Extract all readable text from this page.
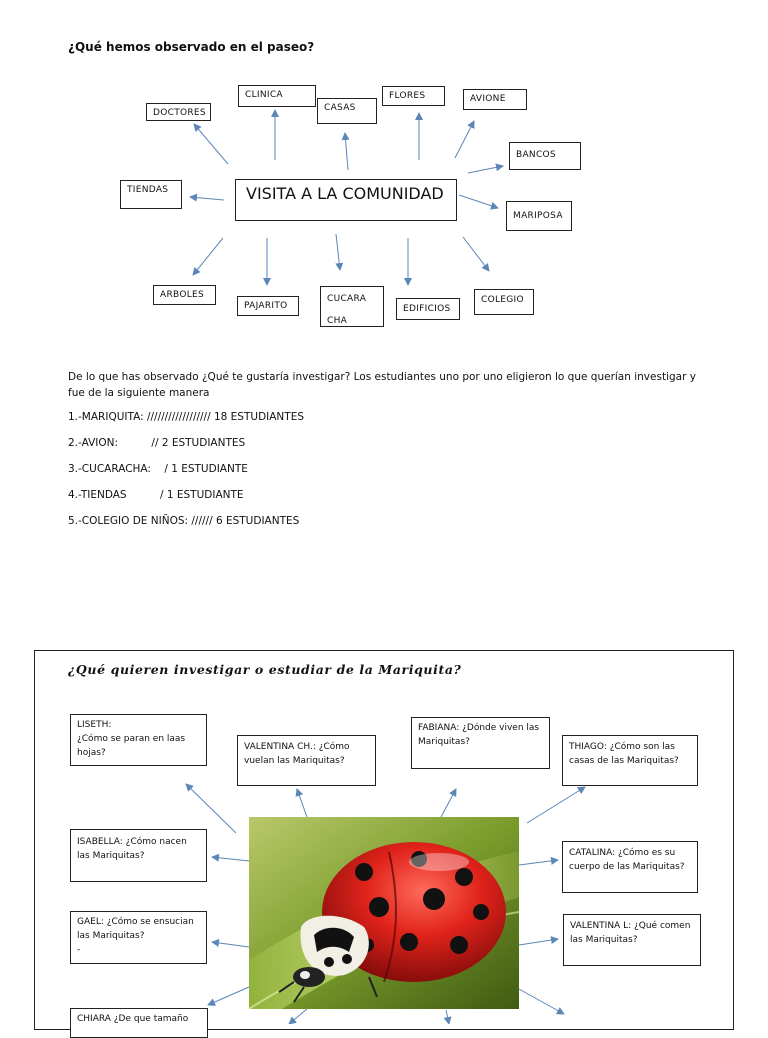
¿Qué hemos observado en el paseo?
DOCTORES
CLINICA
CASAS
FLORES	AVIONE
BANCOS
TIENDAS	VISITA A LA COMUNIDAD
MARIPOSA
ARBOLES
PAJARITO
CUCARA
CHA
EDIFICIOS
COLEGIO
De lo que has observado ¿Qué te gustaría investigar? Los estudiantes uno por uno eligieron lo que querían investigar y fue de la siguiente manera
1.-MARIQUITA: ////////////////// 18 ESTUDIANTES
2.-AVION:          // 2 ESTUDIANTES
3.-CUCARACHA:    / 1 ESTUDIANTE
4.-TIENDAS          / 1 ESTUDIANTE
5.-COLEGIO DE NIÑOS: ////// 6 ESTUDIANTES
¿Qué quieren investigar o estudiar de la Mariquita?
LISETH:
¿Cómo se paran en laas hojas?
VALENTINA CH.: ¿Cómo vuelan las Mariquitas?
FABIANA: ¿Dónde viven las Mariquitas?	THIAGO: ¿Cómo son las casas de las Mariquitas?
ISABELLA: ¿Cómo nacen las Mariquitas?	CATALINA: ¿Cómo es su cuerpo de las Mariquitas?
GAEL: ¿Cómo se ensucian las Mariquitas?
-
VALENTINA L: ¿Qué comen las Mariquitas?
CHIARA ¿De que tamaño
